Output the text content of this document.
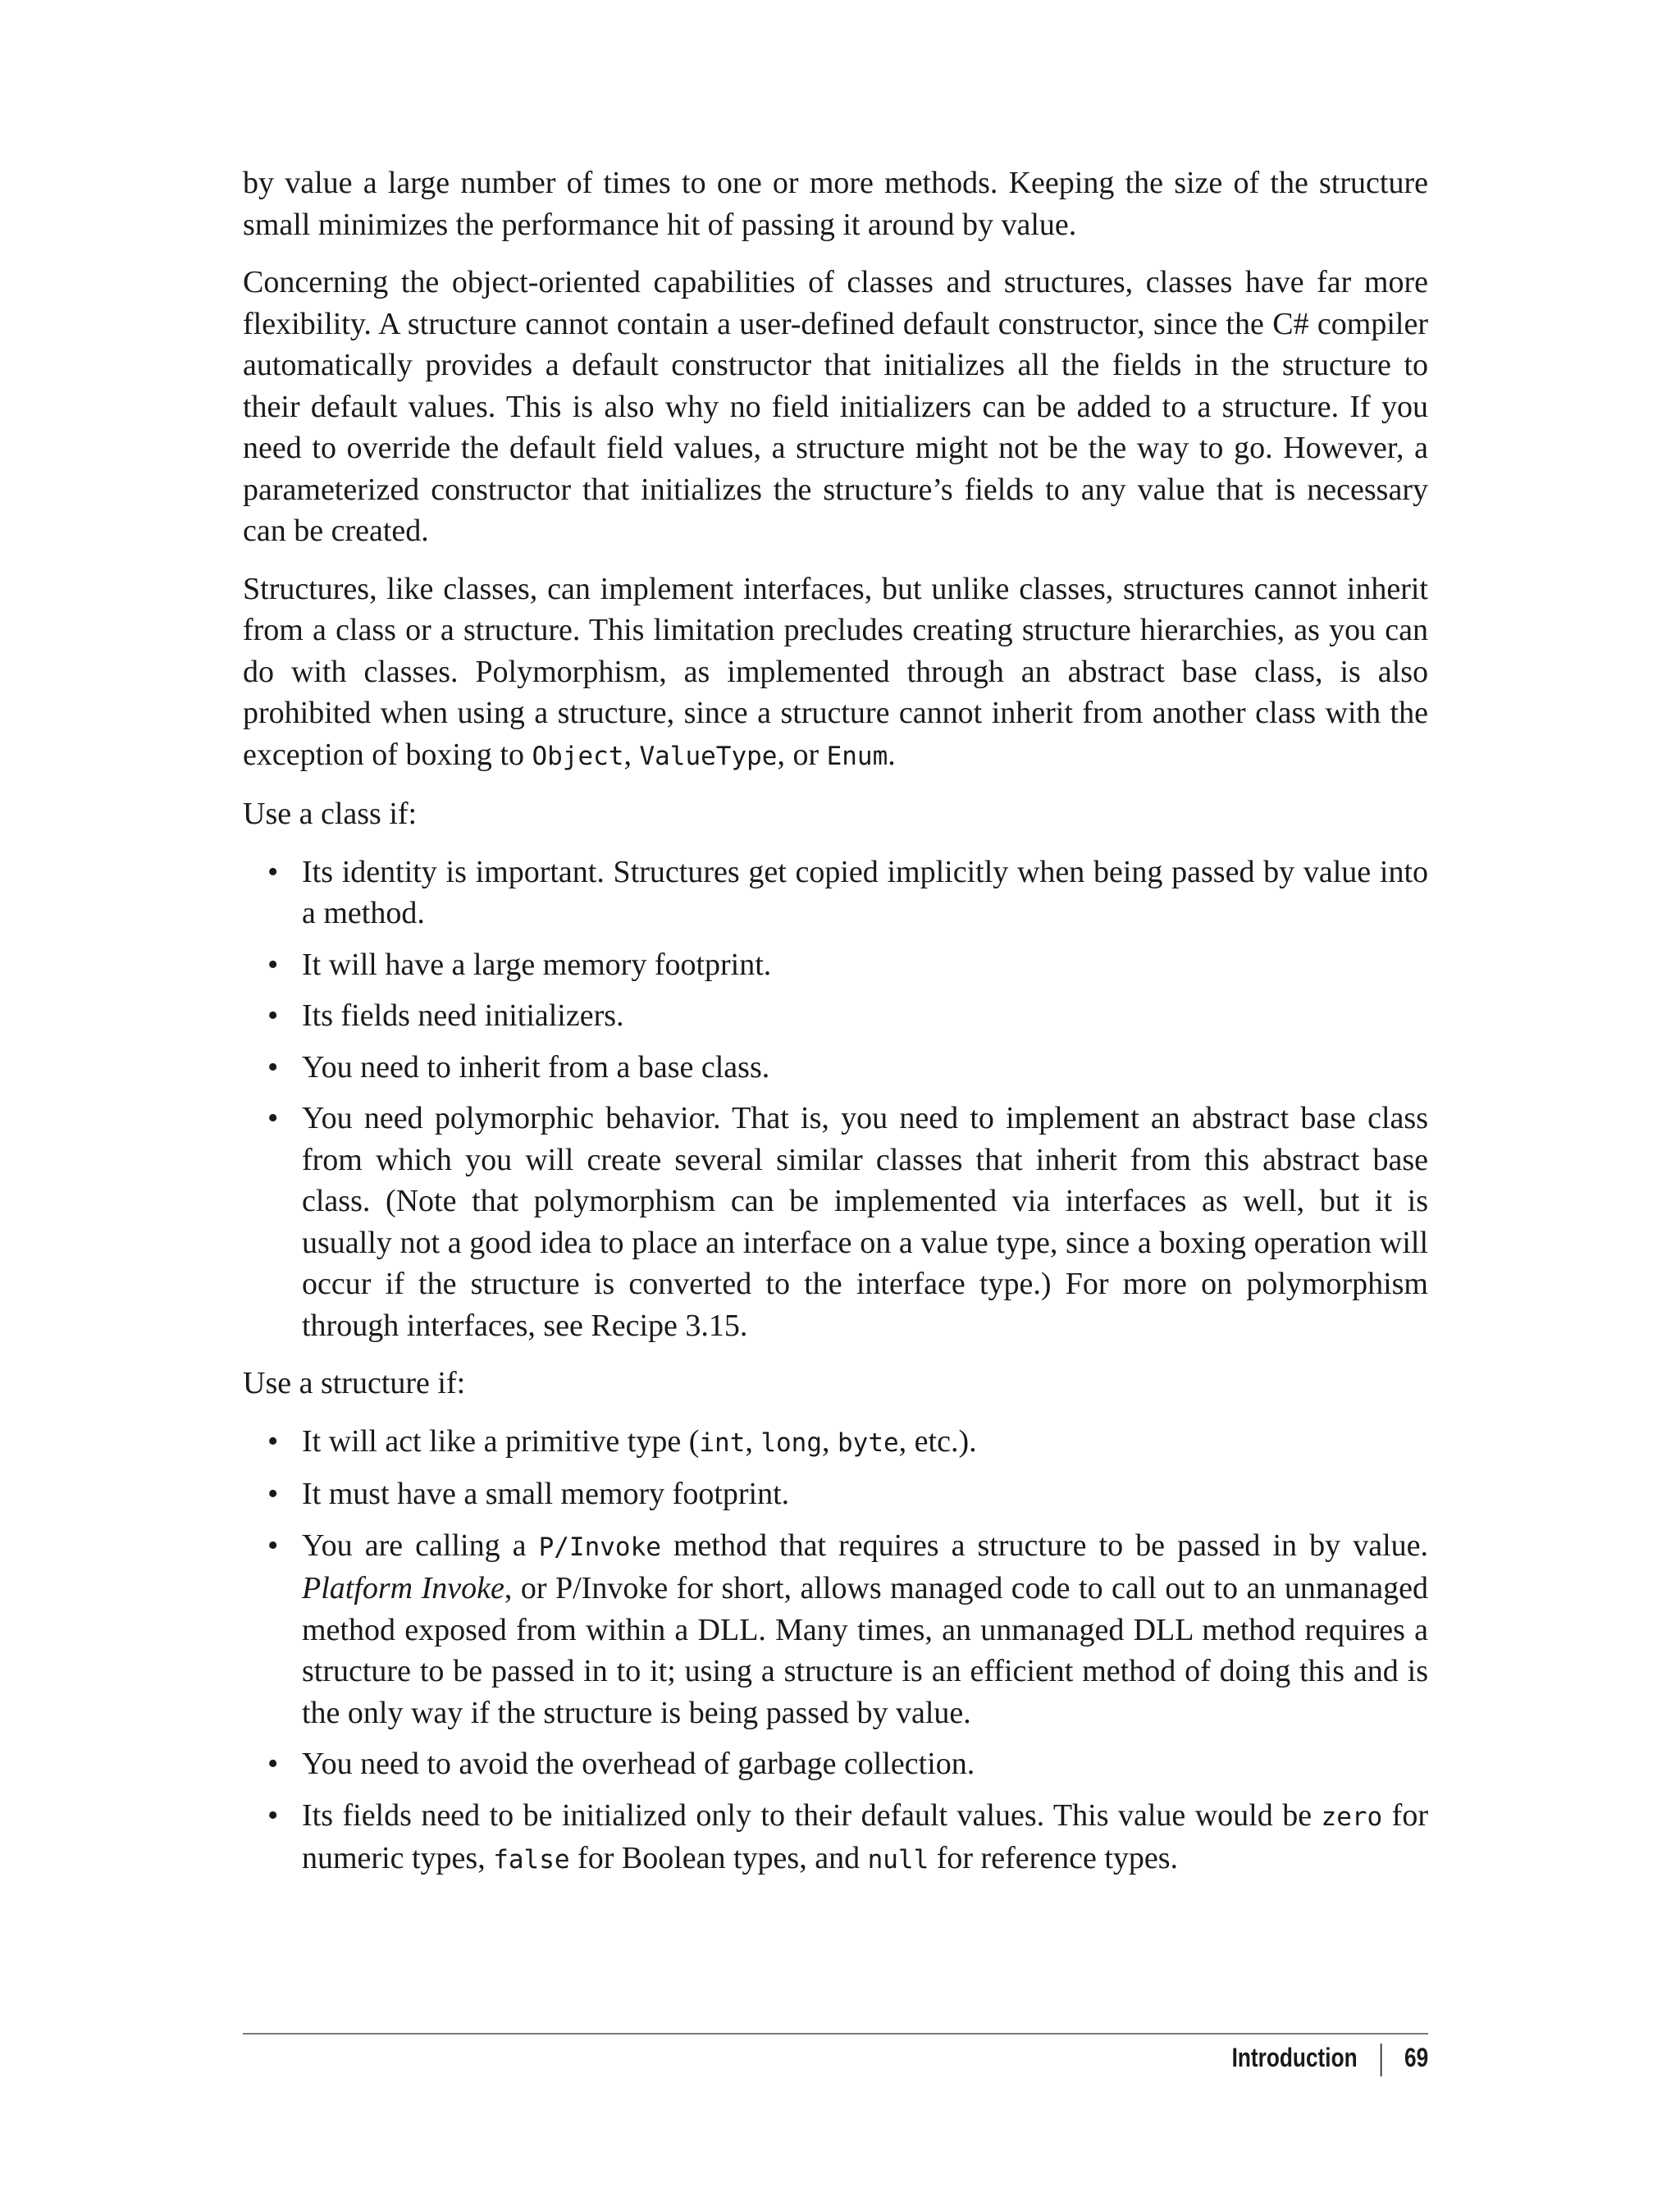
by value a large number of times to one or more methods. Keeping the size of the structure small minimizes the performance hit of passing it around by value.

Concerning the object-oriented capabilities of classes and structures, classes have far more flexibility. A structure cannot contain a user-defined default constructor, since the C# compiler automatically provides a default constructor that initializes all the fields in the structure to their default values. This is also why no field initializers can be added to a structure. If you need to override the default field values, a structure might not be the way to go. However, a parameterized constructor that initializes the structure’s fields to any value that is necessary can be created.

Structures, like classes, can implement interfaces, but unlike classes, structures cannot inherit from a class or a structure. This limitation precludes creating structure hierarchies, as you can do with classes. Polymorphism, as implemented through an abstract base class, is also prohibited when using a structure, since a structure cannot inherit from another class with the exception of boxing to Object, ValueType, or Enum.

Use a class if:

• Its identity is important. Structures get copied implicitly when being passed by value into a method.
• It will have a large memory footprint.
• Its fields need initializers.
• You need to inherit from a base class.
• You need polymorphic behavior. That is, you need to implement an abstract base class from which you will create several similar classes that inherit from this abstract base class. (Note that polymorphism can be implemented via interfaces as well, but it is usually not a good idea to place an interface on a value type, since a boxing operation will occur if the structure is converted to the interface type.) For more on polymorphism through interfaces, see Recipe 3.15.

Use a structure if:

• It will act like a primitive type (int, long, byte, etc.).
• It must have a small memory footprint.
• You are calling a P/Invoke method that requires a structure to be passed in by value. Platform Invoke, or P/Invoke for short, allows managed code to call out to an unmanaged method exposed from within a DLL. Many times, an unmanaged DLL method requires a structure to be passed in to it; using a structure is an efficient method of doing this and is the only way if the structure is being passed by value.
• You need to avoid the overhead of garbage collection.
• Its fields need to be initialized only to their default values. This value would be zero for numeric types, false for Boolean types, and null for reference types.
Introduction 69
